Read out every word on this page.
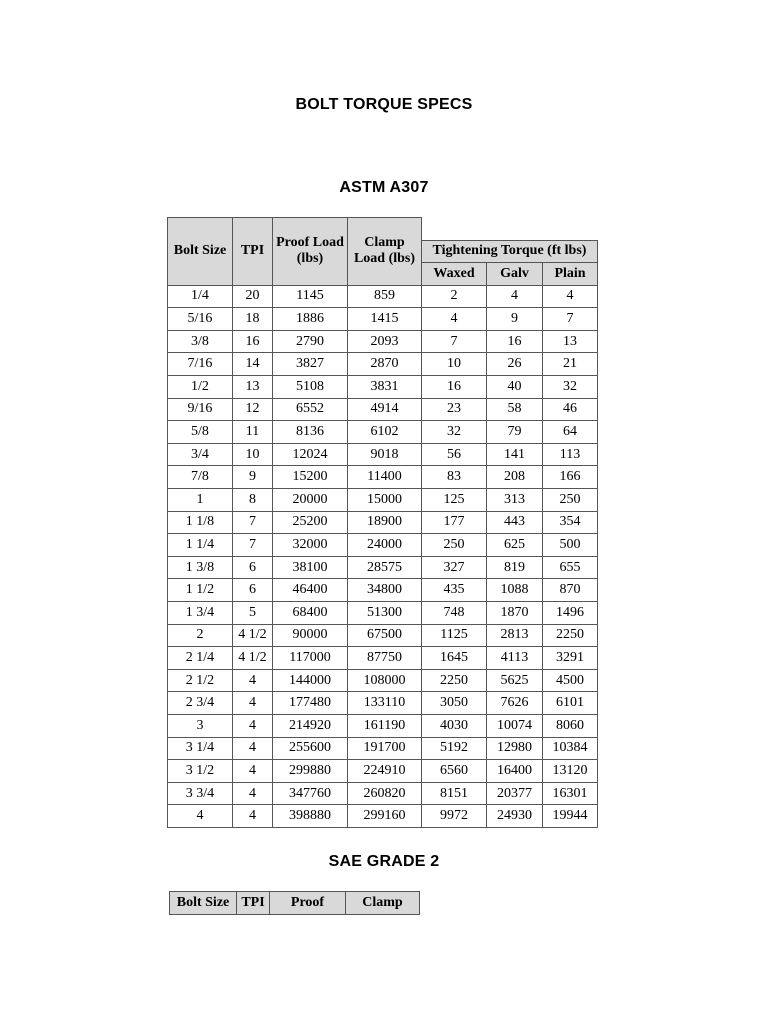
BOLT TORQUE SPECS
ASTM A307
Bolt Size	TPI	Proof Load (lbs)	Clamp Load (lbs)			
				Tightening Torque (ft lbs)		
				Waxed	Galv	Plain
1/4	20	1145	859	2	4	4
5/16	18	1886	1415	4	9	7
3/8	16	2790	2093	7	16	13
7/16	14	3827	2870	10	26	21
1/2	13	5108	3831	16	40	32
9/16	12	6552	4914	23	58	46
5/8	11	8136	6102	32	79	64
3/4	10	12024	9018	56	141	113
7/8	9	15200	11400	83	208	166
1	8	20000	15000	125	313	250
1 1/8	7	25200	18900	177	443	354
1 1/4	7	32000	24000	250	625	500
1 3/8	6	38100	28575	327	819	655
1 1/2	6	46400	34800	435	1088	870
1 3/4	5	68400	51300	748	1870	1496
2	4 1/2	90000	67500	1125	2813	2250
2 1/4	4 1/2	117000	87750	1645	4113	3291
2 1/2	4	144000	108000	2250	5625	4500
2 3/4	4	177480	133110	3050	7626	6101
3	4	214920	161190	4030	10074	8060
3 1/4	4	255600	191700	5192	12980	10384
3 1/2	4	299880	224910	6560	16400	13120
3 3/4	4	347760	260820	8151	20377	16301
4	4	398880	299160	9972	24930	19944
SAE GRADE 2
Bolt Size	TPI	Proof	Clamp
